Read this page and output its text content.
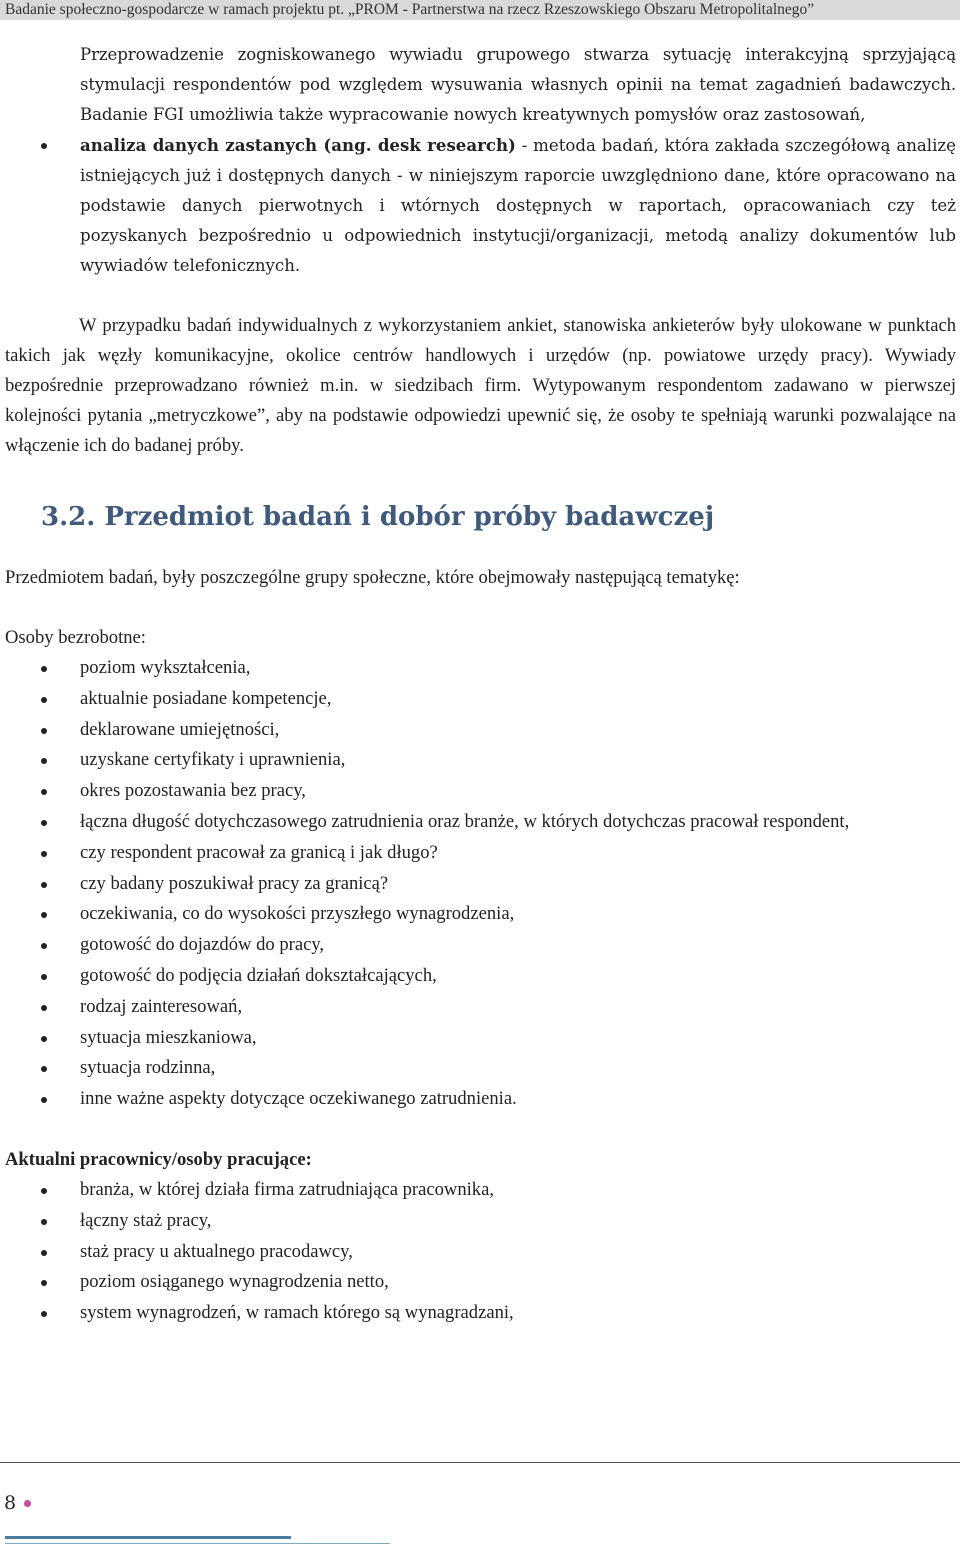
Badanie społeczno-gospodarcze w ramach projektu pt. „PROM - Partnerstwa na rzecz Rzeszowskiego Obszaru Metropolitalnego”

Przeprowadzenie zogniskowanego wywiadu grupowego stwarza sytuację interakcyjną sprzyjającą stymulacji respondentów pod względem wysuwania własnych opinii na temat zagadnień badawczych. Badanie FGI umożliwia także wypracowanie nowych kreatywnych pomysłów oraz zastosowań,

analiza danych zastanych (ang. desk research) - metoda badań, która zakłada szczegółową analizę istniejących już i dostępnych danych - w niniejszym raporcie uwzględniono dane, które opracowano na podstawie danych pierwotnych i wtórnych dostępnych w raportach, opracowaniach czy też pozyskanych bezpośrednio u odpowiednich instytucji/organizacji, metodą analizy dokumentów lub wywiadów telefonicznych.

W przypadku badań indywidualnych z wykorzystaniem ankiet, stanowiska ankieterów były ulokowane w punktach takich jak węzły komunikacyjne, okolice centrów handlowych i urzędów (np. powiatowe urzędy pracy). Wywiady bezpośrednie przeprowadzano również m.in. w siedzibach firm. Wytypowanym respondentom zadawano w pierwszej kolejności pytania „metryczkowe”, aby na podstawie odpowiedzi upewnić się, że osoby te spełniają warunki pozwalające na włączenie ich do badanej próby.

3.2. Przedmiot badań i dobór próby badawczej

Przedmiotem badań, były poszczególne grupy społeczne, które obejmowały następującą tematykę:

Osoby bezrobotne:

poziom wykształcenia,
aktualnie posiadane kompetencje,
deklarowane umiejętności,
uzyskane certyfikaty i uprawnienia,
okres pozostawania bez pracy,
łączna długość dotychczasowego zatrudnienia oraz branże, w których dotychczas pracował respondent,
czy respondent pracował za granicą i jak długo?
czy badany poszukiwał pracy za granicą?
oczekiwania, co do wysokości przyszłego wynagrodzenia,
gotowość do dojazdów do pracy,
gotowość do podjęcia działań dokształcających,
rodzaj zainteresowań,
sytuacja mieszkaniowa,
sytuacja rodzinna,
inne ważne aspekty dotyczące oczekiwanego zatrudnienia.

Aktualni pracownicy/osoby pracujące:

branża, w której działa firma zatrudniająca pracownika,
łączny staż pracy,
staż pracy u aktualnego pracodawcy,
poziom osiąganego wynagrodzenia netto,
system wynagrodzeń, w ramach którego są wynagradzani,
8
